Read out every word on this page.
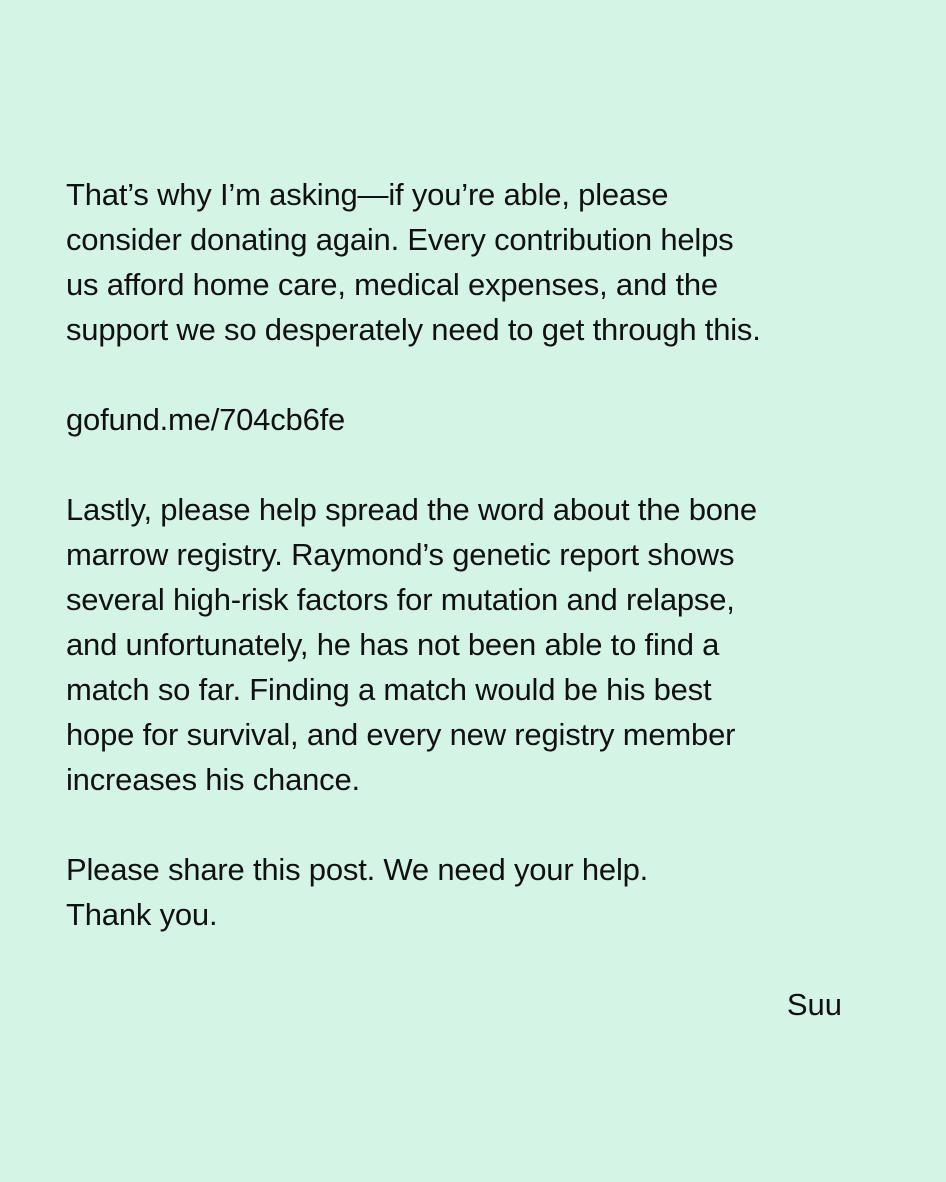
That’s why I’m asking—if you’re able, please
consider donating again. Every contribution helps
us afford home care, medical expenses, and the
support we so desperately need to get through this.

gofund.me/704cb6fe

Lastly, please help spread the word about the bone
marrow registry. Raymond’s genetic report shows
several high-risk factors for mutation and relapse,
and unfortunately, he has not been able to find a
match so far. Finding a match would be his best
hope for survival, and every new registry member
increases his chance.

Please share this post. We need your help.
Thank you.

Suu
